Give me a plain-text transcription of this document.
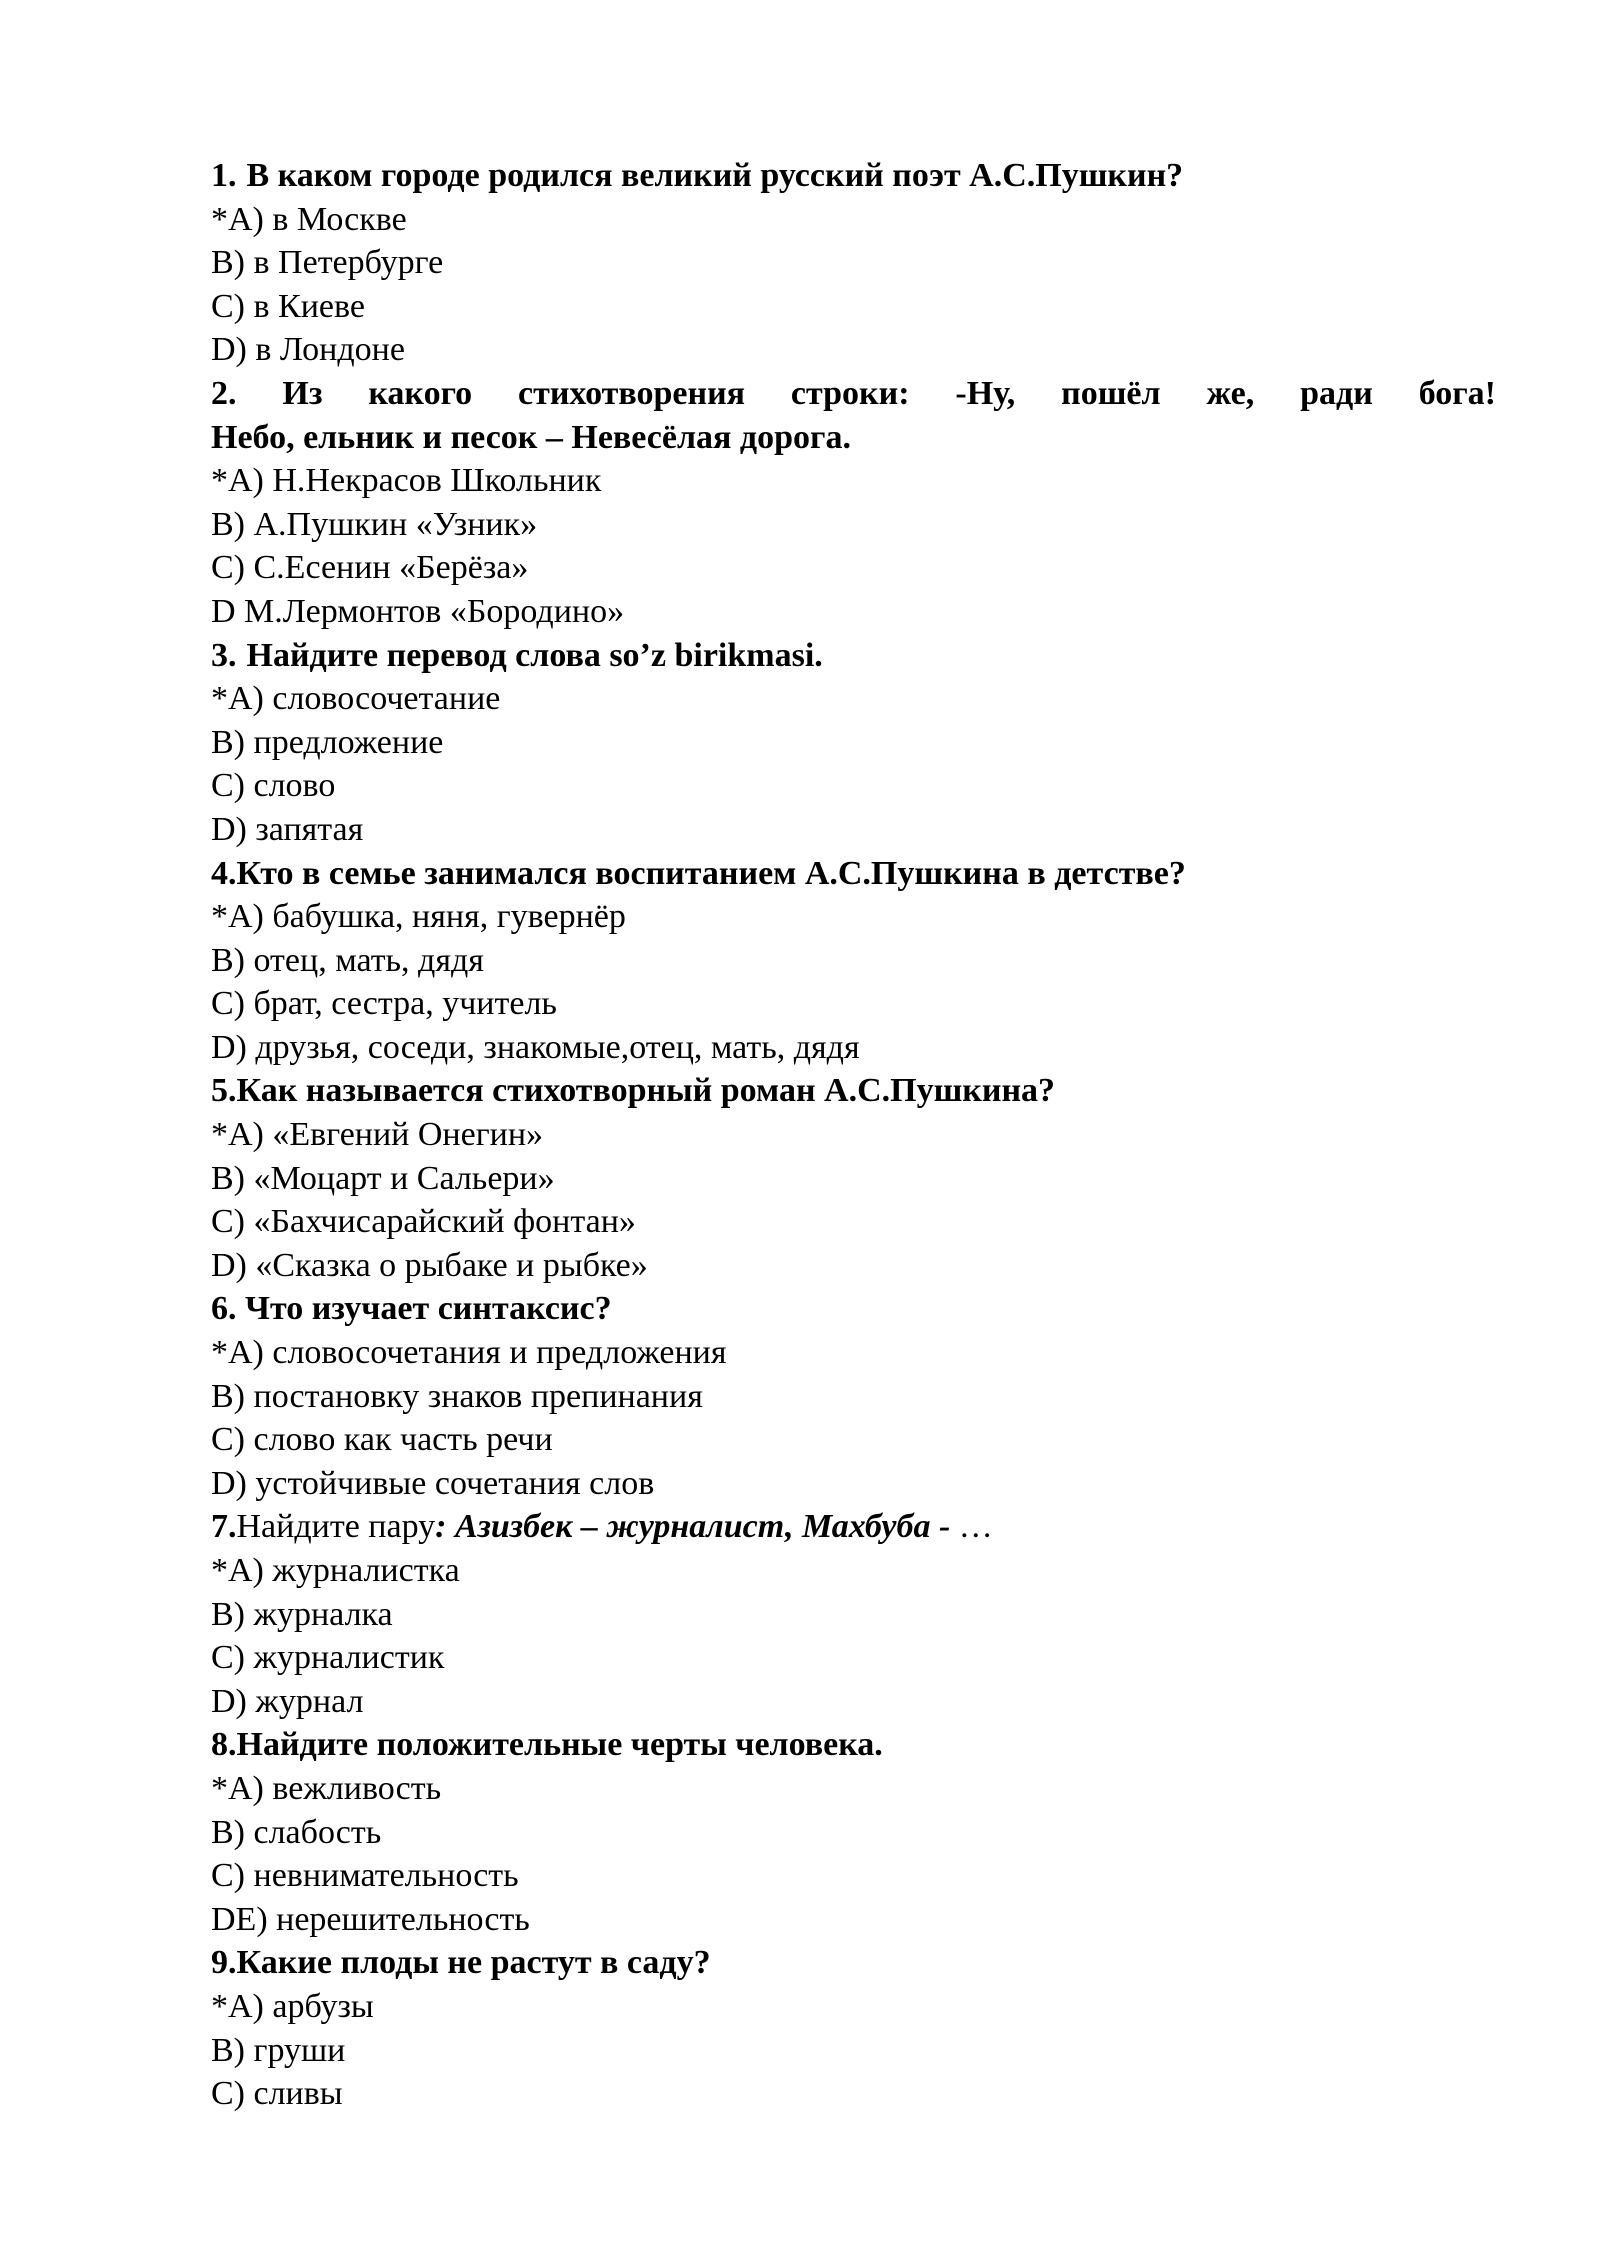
1. В каком городе родился великий русский поэт А.С.Пушкин?
*A) в Москве
B) в Петербурге
C) в Киеве
D) в Лондоне
2. Из какого стихотворения строки: -Ну, пошёл же, ради бога!
Небо, ельник и песок – Невесёлая дорога.
*A) Н.Некрасов Школьник
B) А.Пушкин «Узник»
C) С.Есенин «Берёза»
D М.Лермонтов «Бородино»
3. Найдите перевод слова so’z birikmasi.
*A) словосочетание
B) предложение
C) слово
D) запятая
4.Кто в семье занимался воспитанием А.С.Пушкина в детстве?
*A) бабушка, няня, гувернёр
B) отец, мать, дядя
C) брат, сестра, учитель
D) друзья, соседи, знакомые,отец, мать, дядя
5.Как называется стихотворный роман А.С.Пушкина?
*A) «Евгений Онегин»
B) «Моцарт и Сальери»
C) «Бахчисарайский фонтан»
D) «Сказка о рыбаке и рыбке»
6. Что изучает синтаксис?
*A) словосочетания и предложения
B) постановку знаков препинания
C) слово как часть речи
D) устойчивые сочетания слов
7.Найдите пару: Азизбек – журналист, Махбуба - …
*A) журналистка
B) журналка
C) журналистик
D) журнал
8.Найдите положительные черты человека.
*A) вежливость
B) слабость
C) невнимательность
DE) нерешительность
9.Какие плоды не растут в саду?
*A) арбузы
B) груши
C) сливы
